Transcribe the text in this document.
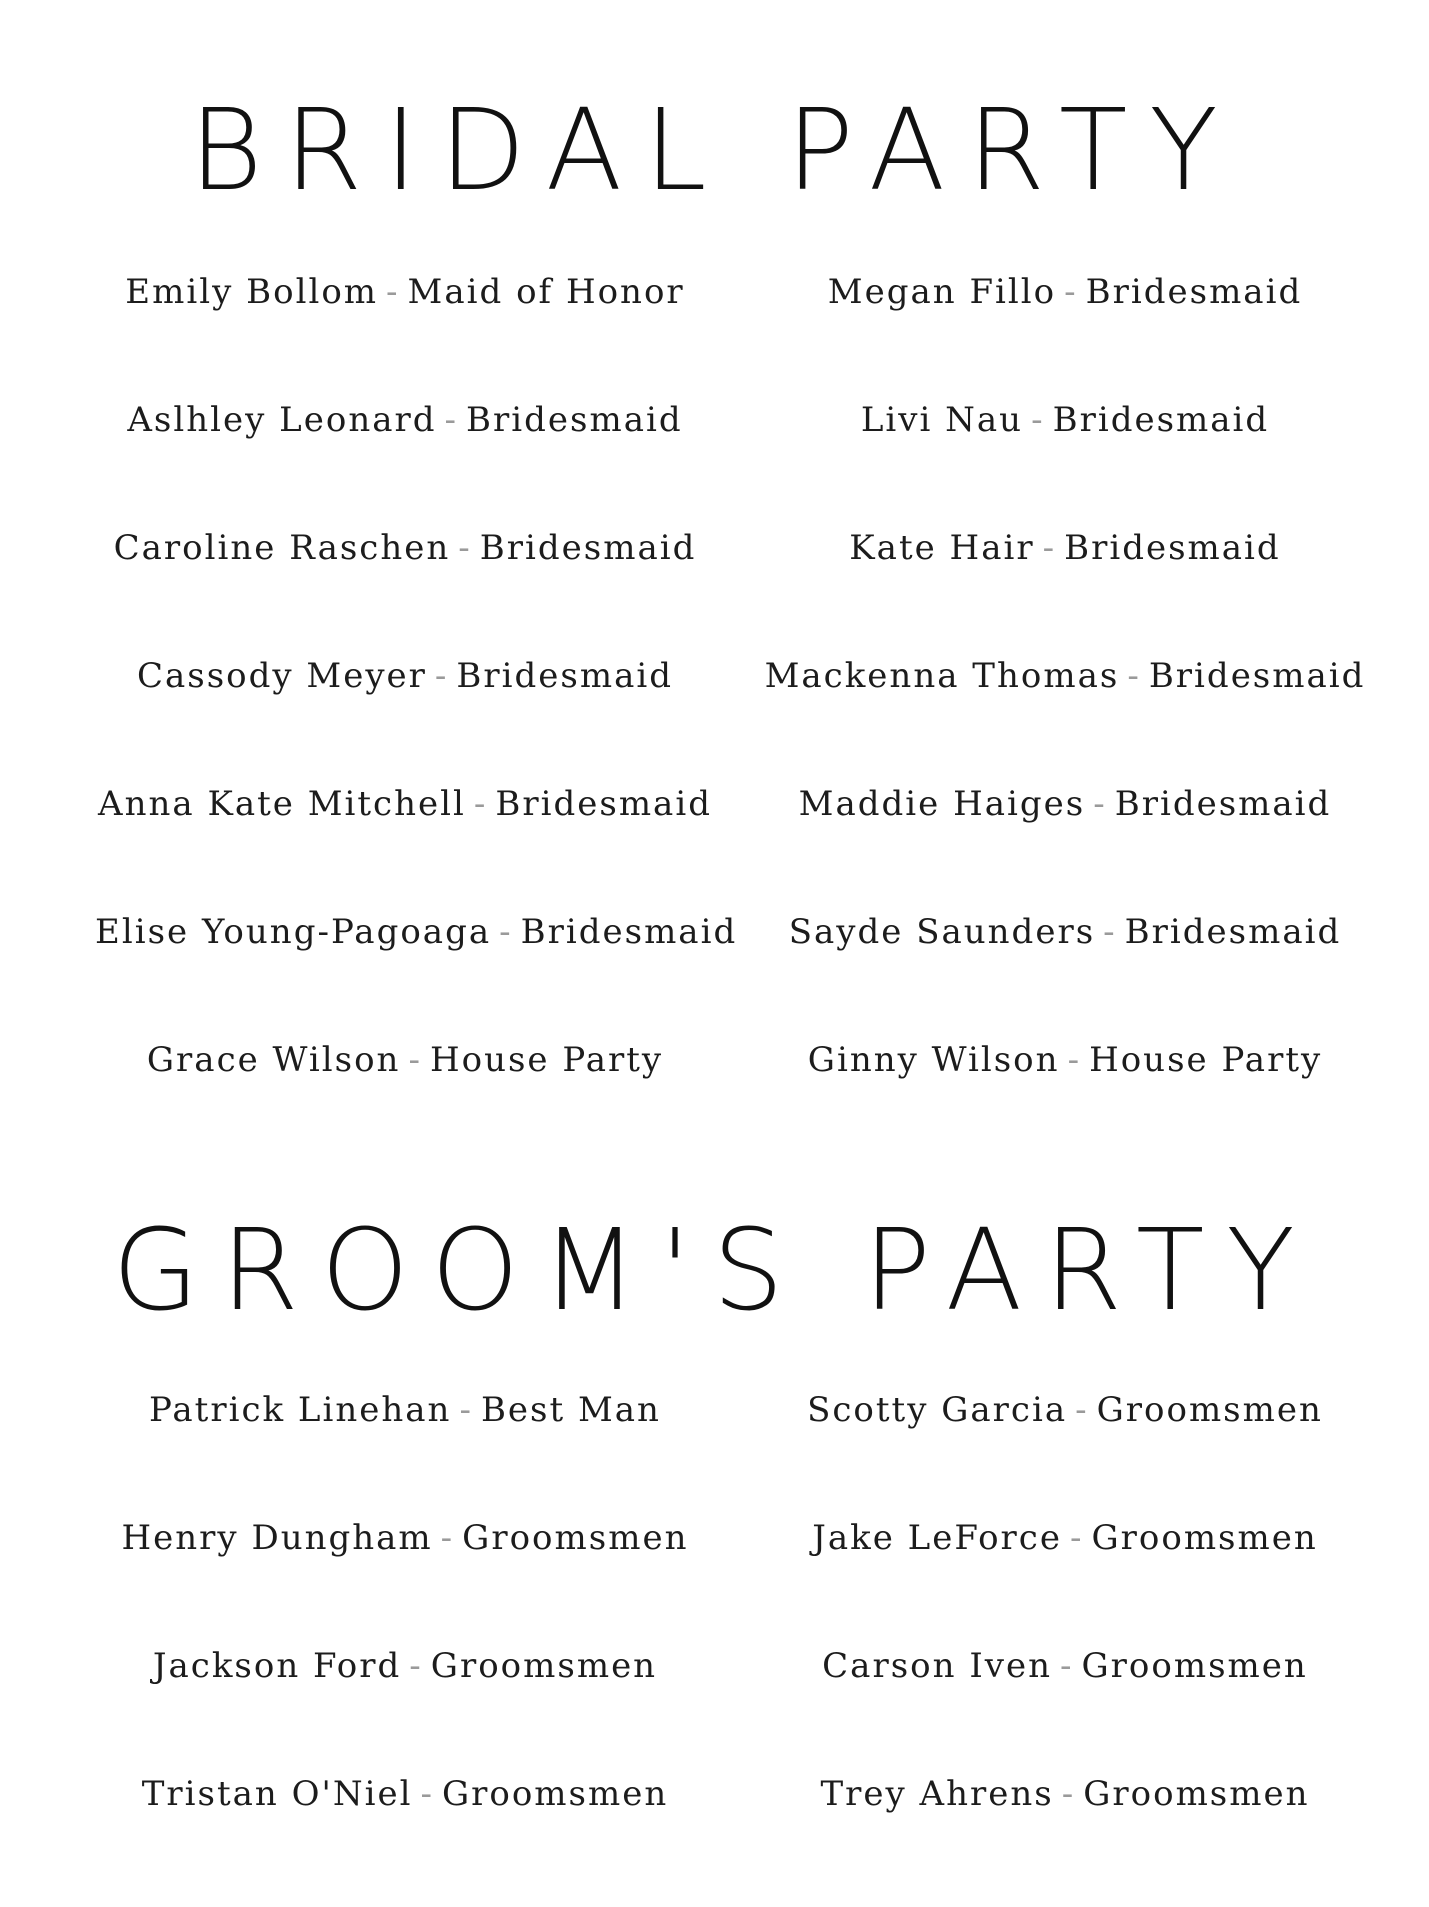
BRIDAL PARTY
Emily Bollom - Maid of Honor
Aslhley Leonard - Bridesmaid
Caroline Raschen - Bridesmaid
Cassody Meyer - Bridesmaid
Anna Kate Mitchell - Bridesmaid
Elise Young-Pagoaga - Bridesmaid
Grace Wilson - House Party
Megan Fillo - Bridesmaid
Livi Nau - Bridesmaid
Kate Hair - Bridesmaid
Mackenna Thomas - Bridesmaid
Maddie Haiges - Bridesmaid
Sayde Saunders - Bridesmaid
Ginny Wilson - House Party
GROOM'S PARTY
Patrick Linehan - Best Man
Henry Dungham - Groomsmen
Jackson Ford - Groomsmen
Tristan O'Niel - Groomsmen
Scotty Garcia - Groomsmen
Jake LeForce - Groomsmen
Carson Iven - Groomsmen
Trey Ahrens - Groomsmen
